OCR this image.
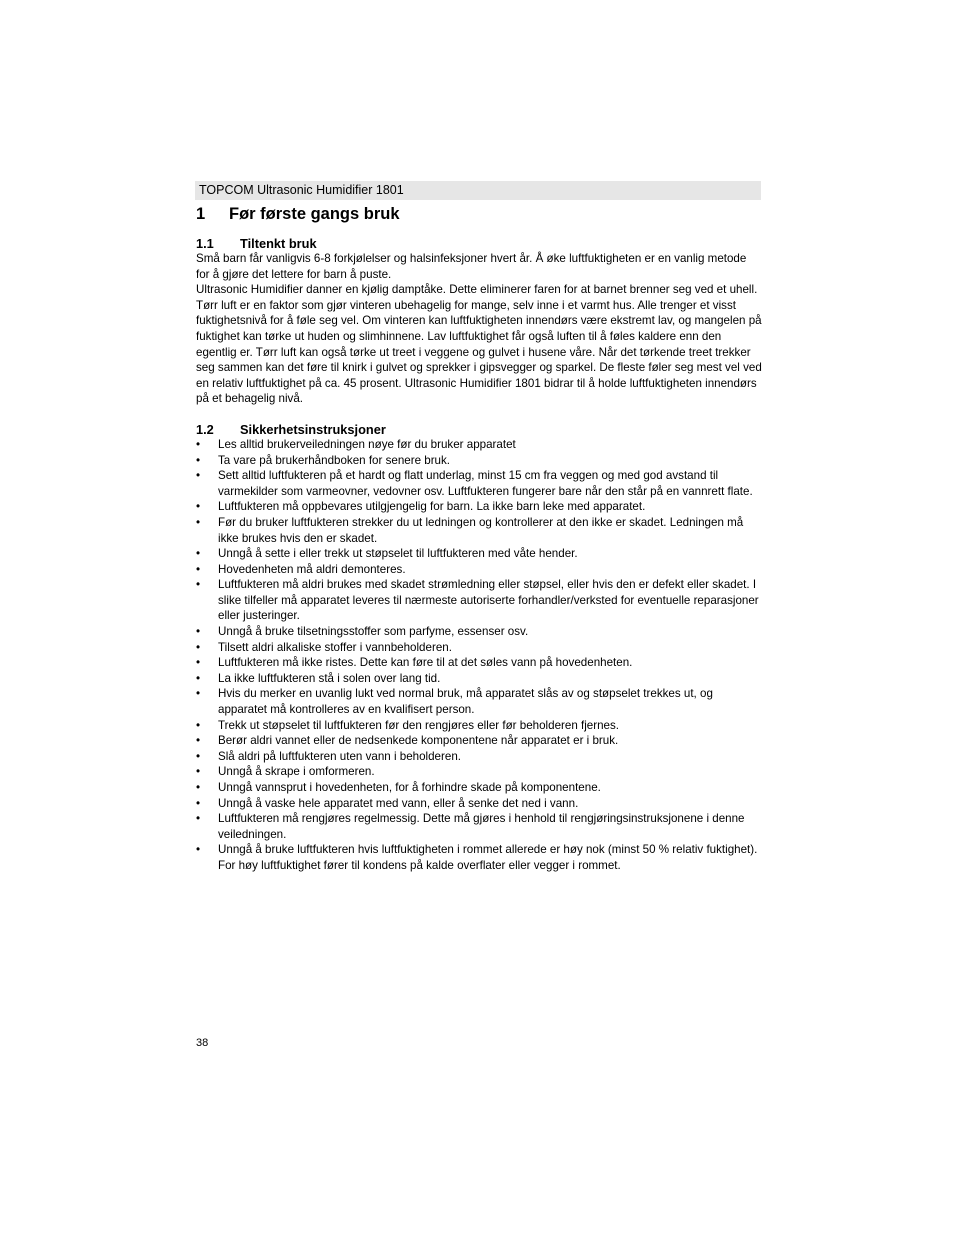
TOPCOM Ultrasonic Humidifier 1801
1	Før første gangs bruk
1.1	Tiltenkt bruk

Små barn får vanligvis 6-8 forkjølelser og halsinfeksjoner hvert år. Å øke luftfuktigheten er en vanlig metode for å gjøre det lettere for barn å puste.

Ultrasonic Humidifier danner en kjølig damptåke. Dette eliminerer faren for at barnet brenner seg ved et uhell.

Tørr luft er en faktor som gjør vinteren ubehagelig for mange, selv inne i et varmt hus. Alle trenger et visst fuktighetsnivå for å føle seg vel. Om vinteren kan luftfuktigheten innendørs være ekstremt lav, og mangelen på fuktighet kan tørke ut huden og slimhinnene. Lav luftfuktighet får også luften til å føles kaldere enn den egentlig er. Tørr luft kan også tørke ut treet i veggene og gulvet i husene våre. Når det tørkende treet trekker seg sammen kan det føre til knirk i gulvet og sprekker i gipsvegger og sparkel. De fleste føler seg mest vel ved en relativ luftfuktighet på ca. 45 prosent. Ultrasonic Humidifier 1801 bidrar til å holde luftfuktigheten innendørs på et behagelig nivå.

1.2	Sikkerhetsinstruksjoner
• Les alltid brukerveiledningen nøye før du bruker apparatet
• Ta vare på brukerhåndboken for senere bruk.
• Sett alltid luftfukteren på et hardt og flatt underlag, minst 15 cm fra veggen og med god avstand til varmekilder som varmeovner, vedovner osv. Luftfukteren fungerer bare når den står på en vannrett flate.
• Luftfukteren må oppbevares utilgjengelig for barn. La ikke barn leke med apparatet.
• Før du bruker luftfukteren strekker du ut ledningen og kontrollerer at den ikke er skadet. Ledningen må ikke brukes hvis den er skadet.
• Unngå å sette i eller trekk ut støpselet til luftfukteren med våte hender.
• Hovedenheten må aldri demonteres.
• Luftfukteren må aldri brukes med skadet strømledning eller støpsel, eller hvis den er defekt eller skadet. I slike tilfeller må apparatet leveres til nærmeste autoriserte forhandler/verksted for eventuelle reparasjoner eller justeringer.
• Unngå å bruke tilsetningsstoffer som parfyme, essenser osv.
• Tilsett aldri alkaliske stoffer i vannbeholderen.
• Luftfukteren må ikke ristes. Dette kan føre til at det søles vann på hovedenheten.
• La ikke luftfukteren stå i solen over lang tid.
• Hvis du merker en uvanlig lukt ved normal bruk, må apparatet slås av og støpselet trekkes ut, og apparatet må kontrolleres av en kvalifisert person.
• Trekk ut støpselet til luftfukteren før den rengjøres eller før beholderen fjernes.
• Berør aldri vannet eller de nedsenkede komponentene når apparatet er i bruk.
• Slå aldri på luftfukteren uten vann i beholderen.
• Unngå å skrape i omformeren.
• Unngå vannsprut i hovedenheten, for å forhindre skade på komponentene.
• Unngå å vaske hele apparatet med vann, eller å senke det ned i vann.
• Luftfukteren må rengjøres regelmessig. Dette må gjøres i henhold til rengjøringsinstruksjonene i denne veiledningen.
• Unngå å bruke luftfukteren hvis luftfuktigheten i rommet allerede er høy nok (minst 50 % relativ fuktighet). For høy luftfuktighet fører til kondens på kalde overflater eller vegger i rommet.
38
